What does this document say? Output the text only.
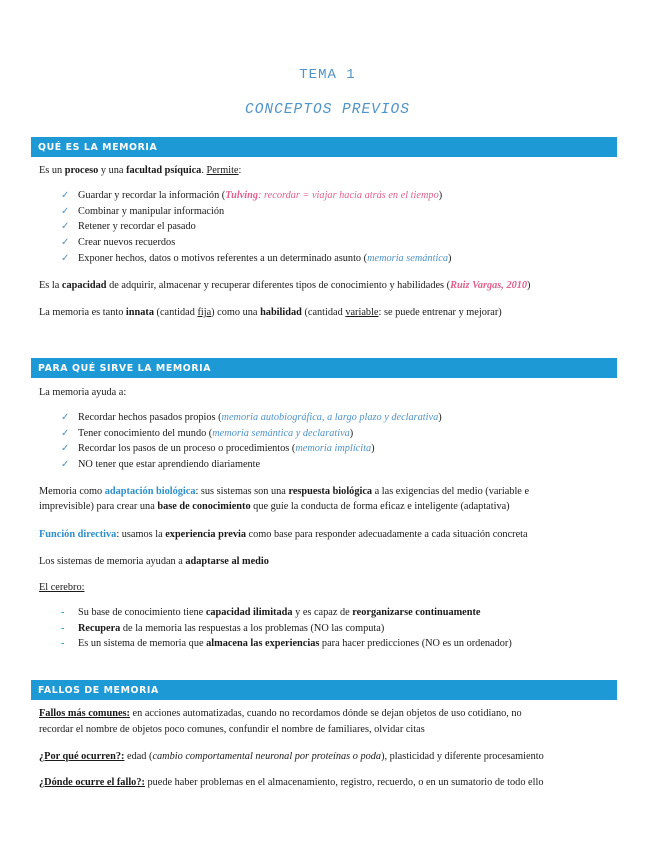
TEMA 1
CONCEPTOS PREVIOS
QUÉ ES LA MEMORIA
Es un proceso y una facultad psíquica. Permite:
✓ Guardar y recordar la información (Tulving: recordar = viajar hacia atrás en el tiempo)
✓ Combinar y manipular información
✓ Retener y recordar el pasado
✓ Crear nuevos recuerdos
✓ Exponer hechos, datos o motivos referentes a un determinado asunto (memoria semántica)
Es la capacidad de adquirir, almacenar y recuperar diferentes tipos de conocimiento y habilidades (Ruiz Vargas, 2010)
La memoria es tanto innata (cantidad fija) como una habilidad (cantidad variable: se puede entrenar y mejorar)
PARA QUÉ SIRVE LA MEMORIA
La memoria ayuda a:
✓ Recordar hechos pasados propios (memoria autobiográfica, a largo plazo y declarativa)
✓ Tener conocimiento del mundo (memoria semántica y declarativa)
✓ Recordar los pasos de un proceso o procedimientos (memoria implícita)
✓ NO tener que estar aprendiendo diariamente
Memoria como adaptación biológica: sus sistemas son una respuesta biológica a las exigencias del medio (variable e
imprevisible) para crear una base de conocimiento que guíe la conducta de forma eficaz e inteligente (adaptativa)
Función directiva: usamos la experiencia previa como base para responder adecuadamente a cada situación concreta
Los sistemas de memoria ayudan a adaptarse al medio
El cerebro:
- Su base de conocimiento tiene capacidad ilimitada y es capaz de reorganizarse continuamente
- Recupera de la memoria las respuestas a los problemas (NO las computa)
- Es un sistema de memoria que almacena las experiencias para hacer predicciones (NO es un ordenador)
FALLOS DE MEMORIA
Fallos más comunes: en acciones automatizadas, cuando no recordamos dónde se dejan objetos de uso cotidiano, no
recordar el nombre de objetos poco comunes, confundir el nombre de familiares, olvidar citas
¿Por qué ocurren?: edad (cambio comportamental neuronal por proteínas o poda), plasticidad y diferente procesamiento
¿Dónde ocurre el fallo?: puede haber problemas en el almacenamiento, registro, recuerdo, o en un sumatorio de todo ello
